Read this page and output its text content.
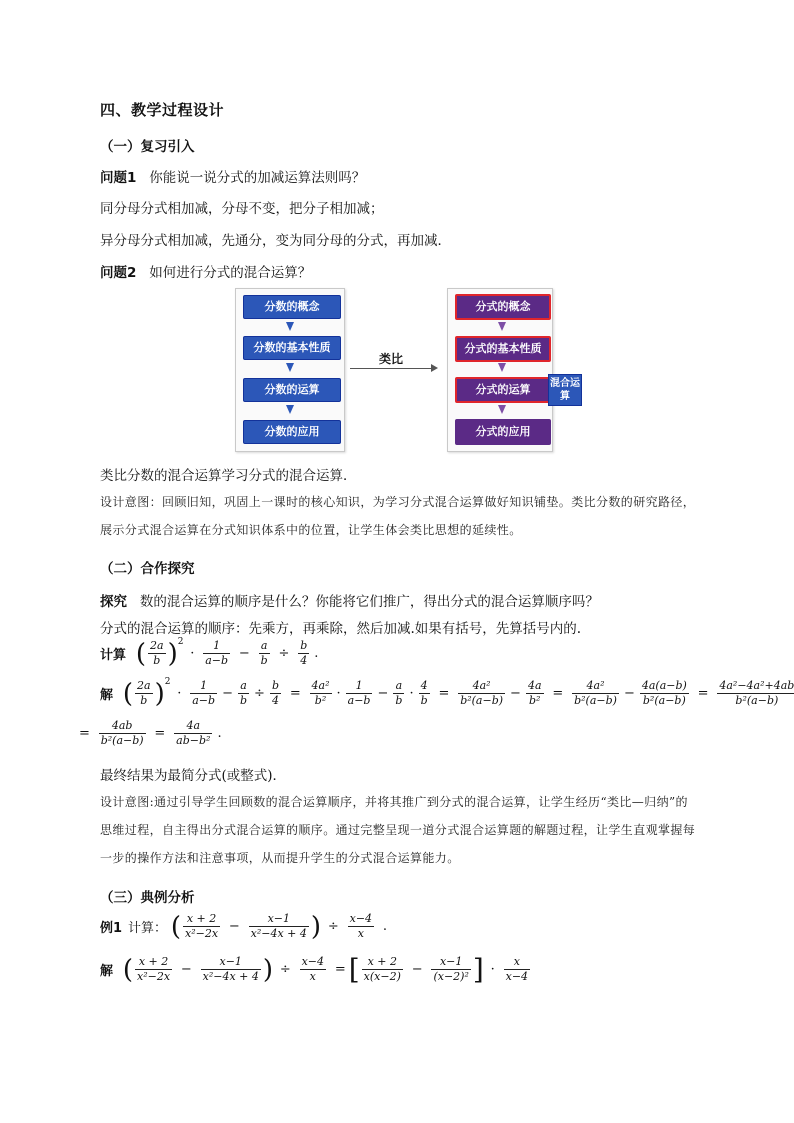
四、教学过程设计
（一）复习引入
问题1 你能说一说分式的加减运算法则吗？
同分母分式相加减，分母不变，把分子相加减；
异分母分式相加减，先通分，变为同分母的分式，再加减．
问题2 如何进行分式的混合运算？
分数的概念
分数的基本性质
分数的运算
分数的应用
类比
分式的概念
分式的基本性质
分式的运算
分式的应用
混合运算
类比分数的混合运算学习分式的混合运算．
设计意图：回顾旧知，巩固上一课时的核心知识，为学习分式混合运算做好知识铺垫。类比分数的研究路径，展示分式混合运算在分式知识体系中的位置，让学生体会类比思想的延续性。
（二）合作探究
探究 数的混合运算的顺序是什么？你能将它们推广，得出分式的混合运算顺序吗？
分式的混合运算的顺序：先乘方，再乘除，然后加减.如果有括号，先算括号内的.
计算 ( $\frac{2a}{b} )^2 \cdot \frac{1}{a-b} - \frac{a}{b} \div \frac{b}{4}$ .
解 ( $\frac{2a}{b} )^2 \cdot \frac{1}{a-b} - \frac{a}{b} \div \frac{b}{4} = \frac{\text{4a²}}{\text{b²}} \cdot \frac{1}{a-b} - \frac{a}{b} \cdot \frac{4}{b} = \frac{\text{4a²}}{\text{b²(a−b)}} - \frac{4a}{\text{b²}} = \frac{\text{4a²}}{\text{b²(a−b)}} - \frac{4a(a-b)}{\text{b²(a−b)}} = \frac{\text{4a²−4a²+4ab}}{\text{b²(a−b)}}$
= $\frac{4ab}{\text{b²(a−b)}} = \frac{4a}{\text{ab−b²}}$ .
最终结果为最简分式(或整式)．
设计意图:通过引导学生回顾数的混合运算顺序，并将其推广到分式的混合运算，让学生经历“类比—归纳”的思维过程，自主得出分式混合运算的顺序。通过完整呈现一道分式混合运算题的解题过程，让学生直观掌握每一步的操作方法和注意事项，从而提升学生的分式混合运算能力。
（三）典例分析
例1 计算： ( $\frac{x + 2}{\text{x²−2x}} - \frac{x-1}{\text{x²−4x + 4}}$ ) ÷ $\frac{x-4}{x}$ .
解 ( $\frac{x + 2}{\text{x²−2x}} - \frac{x-1}{\text{x²−4x + 4}}$ ) ÷ $\frac{x-4}{x}$ = [ $\frac{x + 2}{x(x-2)} - \frac{x-1}{\text{(x−2)²}}$ ] · $\frac{x}{x-4}$
